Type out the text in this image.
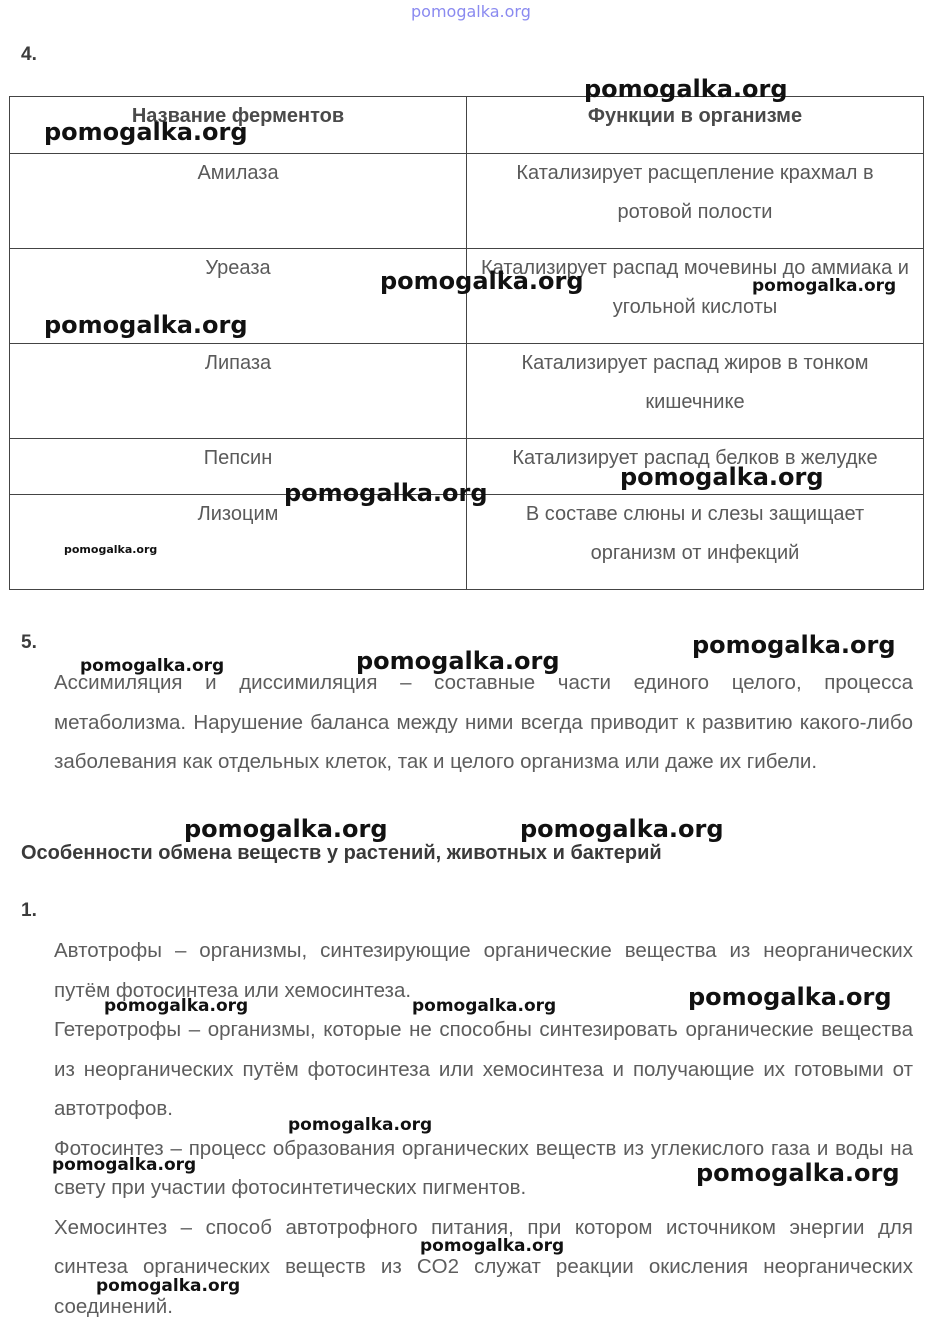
pomogalka.org
4.
Название ферментов	Функции в организме
Амилаза	Катализирует расщепление крахмал в ротовой полости
Уреаза	Катализирует распад мочевины до аммиака и угольной кислоты
Липаза	Катализирует распад жиров в тонком кишечнике
Пепсин	Катализирует распад белков в желудке
Лизоцим	В составе слюны и слезы защищает организм от инфекций
5.

Ассимиляция и диссимиляция – составные части единого целого, процесса метаболизма. Нарушение баланса между ними всегда приводит к развитию какого-либо заболевания как отдельных клеток, так и целого организма или даже их гибели.

Особенности обмена веществ у растений, животных и бактерий
1.

Автотрофы – организмы, синтезирующие органические вещества из неорганических путём фотосинтеза или хемосинтеза.

Гетеротрофы – организмы, которые не способны синтезировать органические вещества из неорганических путём фотосинтеза или хемосинтеза и получающие их готовыми от автотрофов.

Фотосинтез – процесс образования органических веществ из углекислого газа и воды на свету при участии фотосинтетических пигментов.

Хемосинтез – способ автотрофного питания, при котором источником энергии для синтеза органических веществ из CO2 служат реакции окисления неорганических соединений.

pomogalka.org
pomogalka.org
pomogalka.org	pomogalka.org
pomogalka.org
pomogalka.org
pomogalka.org
pomogalka.org
pomogalka.org
pomogalka.org
pomogalka.org
pomogalka.org	pomogalka.org
pomogalka.org
pomogalka.org	pomogalka.org
pomogalka.org
pomogalka.org	pomogalka.org
pomogalka.org
pomogalka.org
